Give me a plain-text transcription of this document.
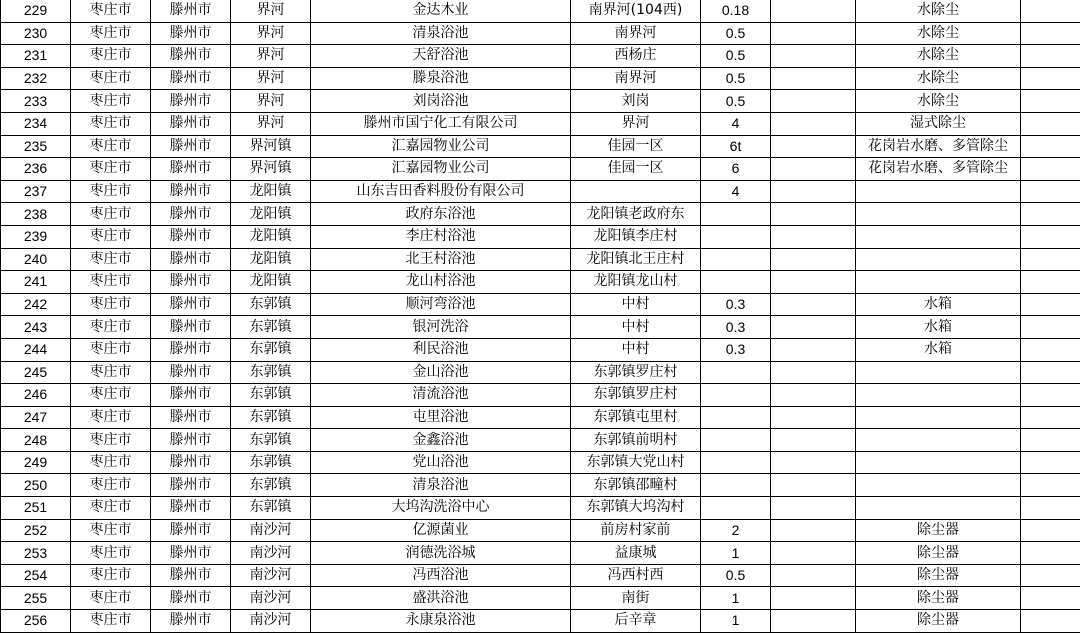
229	枣庄市	滕州市	界河	金达木业	南界河(104西)	0.18		水除尘	
230	枣庄市	滕州市	界河	清泉浴池	南界河	0.5		水除尘	
231	枣庄市	滕州市	界河	天舒浴池	西杨庄	0.5		水除尘	
232	枣庄市	滕州市	界河	滕泉浴池	南界河	0.5		水除尘	
233	枣庄市	滕州市	界河	刘岗浴池	刘岗	0.5		水除尘	
234	枣庄市	滕州市	界河	滕州市国宁化工有限公司	界河	4		湿式除尘	
235	枣庄市	滕州市	界河镇	汇嘉园物业公司	佳园一区	6t		花岗岩水磨、多管除尘	
236	枣庄市	滕州市	界河镇	汇嘉园物业公司	佳园一区	6		花岗岩水磨、多管除尘	
237	枣庄市	滕州市	龙阳镇	山东吉田香料股份有限公司		4			
238	枣庄市	滕州市	龙阳镇	政府东浴池	龙阳镇老政府东				
239	枣庄市	滕州市	龙阳镇	李庄村浴池	龙阳镇李庄村				
240	枣庄市	滕州市	龙阳镇	北王村浴池	龙阳镇北王庄村				
241	枣庄市	滕州市	龙阳镇	龙山村浴池	龙阳镇龙山村				
242	枣庄市	滕州市	东郭镇	顺河弯浴池	中村	0.3		水箱	
243	枣庄市	滕州市	东郭镇	银河洗浴	中村	0.3		水箱	
244	枣庄市	滕州市	东郭镇	利民浴池	中村	0.3		水箱	
245	枣庄市	滕州市	东郭镇	金山浴池	东郭镇罗庄村				
246	枣庄市	滕州市	东郭镇	清流浴池	东郭镇罗庄村				
247	枣庄市	滕州市	东郭镇	屯里浴池	东郭镇屯里村				
248	枣庄市	滕州市	东郭镇	金鑫浴池	东郭镇前明村				
249	枣庄市	滕州市	东郭镇	党山浴池	东郭镇大党山村				
250	枣庄市	滕州市	东郭镇	清泉浴池	东郭镇邵疃村				
251	枣庄市	滕州市	东郭镇	大坞沟洗浴中心	东郭镇大坞沟村				
252	枣庄市	滕州市	南沙河	亿源菌业	前房村家前	2		除尘器	
253	枣庄市	滕州市	南沙河	润德洗浴城	益康城	1		除尘器	
254	枣庄市	滕州市	南沙河	冯西浴池	冯西村西	0.5		除尘器	
255	枣庄市	滕州市	南沙河	盛洪浴池	南街	1		除尘器	
256	枣庄市	滕州市	南沙河	永康泉浴池	后辛章	1		除尘器	
